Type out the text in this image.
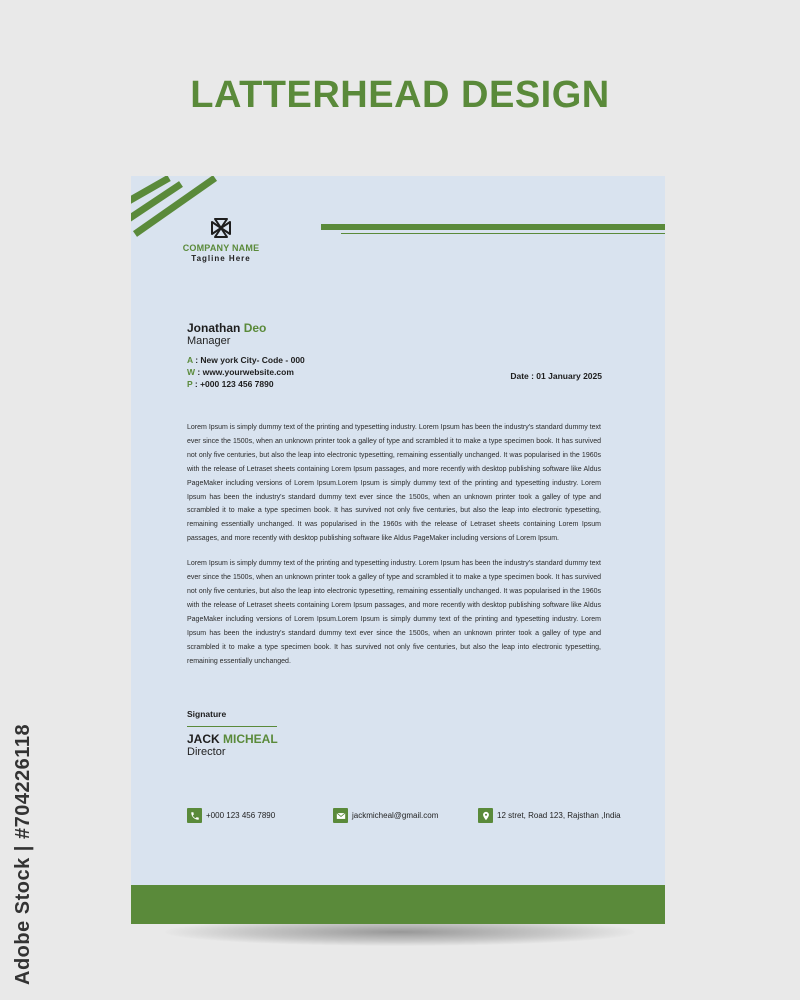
LATTERHEAD DESIGN
COMPANY NAME
Tagline Here
Jonathan Deo
Manager
A : New york City- Code - 000
W : www.yourwebsite.com
P : +000 123 456 7890
Date : 01 January 2025

Lorem Ipsum is simply dummy text of the printing and typesetting industry. Lorem Ipsum has been the industry's standard dummy text ever since the 1500s, when an unknown printer took a galley of type and scrambled it to make a type specimen book. It has survived not only five centuries, but also the leap into electronic typesetting, remaining essentially unchanged. It was popularised in the 1960s with the release of Letraset sheets containing Lorem Ipsum passages, and more recently with desktop publishing software like Aldus PageMaker including versions of Lorem Ipsum.Lorem Ipsum is simply dummy text of the printing and typesetting industry. Lorem Ipsum has been the industry's standard dummy text ever since the 1500s, when an unknown printer took a galley of type and scrambled it to make a type specimen book. It has survived not only five centuries, but also the leap into electronic typesetting, remaining essentially unchanged. It was popularised in the 1960s with the release of Letraset sheets containing Lorem Ipsum passages, and more recently with desktop publishing software like Aldus PageMaker including versions of Lorem Ipsum.

Lorem Ipsum is simply dummy text of the printing and typesetting industry. Lorem Ipsum has been the industry's standard dummy text ever since the 1500s, when an unknown printer took a galley of type and scrambled it to make a type specimen book. It has survived not only five centuries, but also the leap into electronic typesetting, remaining essentially unchanged. It was popularised in the 1960s with the release of Letraset sheets containing Lorem Ipsum passages, and more recently with desktop publishing software like Aldus PageMaker including versions of Lorem Ipsum.Lorem Ipsum is simply dummy text of the printing and typesetting industry. Lorem Ipsum has been the industry's standard dummy text ever since the 1500s, when an unknown printer took a galley of type and scrambled it to make a type specimen book. It has survived not only five centuries, but also the leap into electronic typesetting, remaining essentially unchanged.

Signature
JACK MICHEAL
Director
+000 123 456 7890	jackmicheal@gmail.com	12 stret, Road 123, Rajsthan ,India
Adobe Stock | #704226118
